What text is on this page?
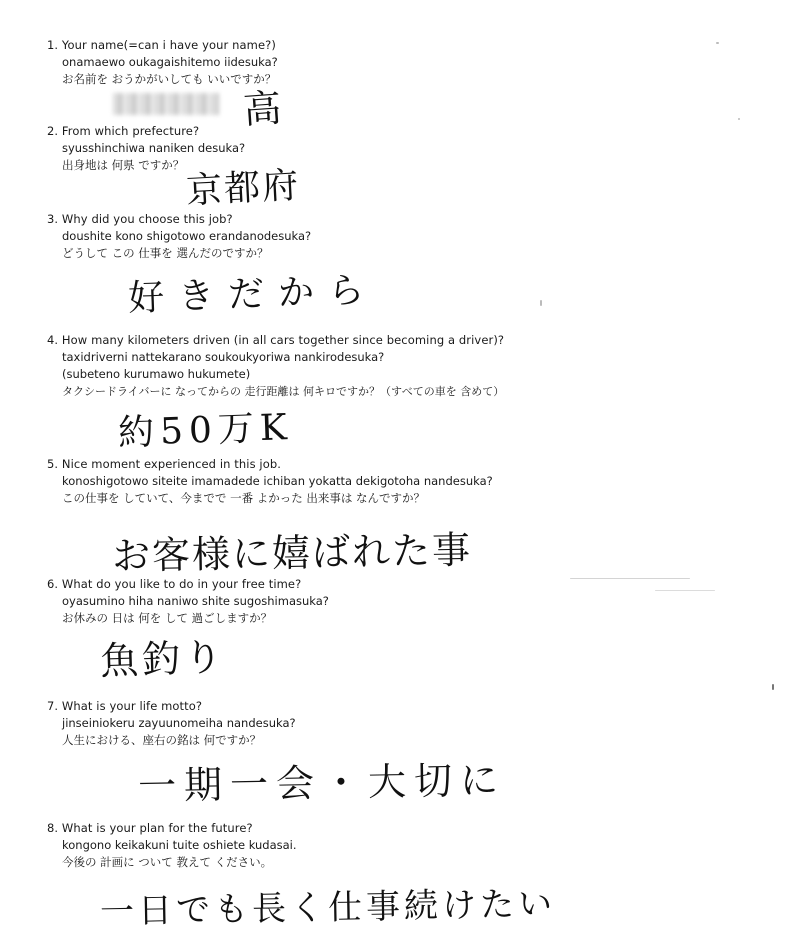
1. Your name(=can i have your name?)
onamaewo oukagaishitemo iidesuka?
お名前を おうかがいしても いいですか？
高
2. From which prefecture?
syusshinchiwa naniken desuka?
出身地は 何県 ですか？
京都府
3. Why did you choose this job?
doushite kono shigotowo erandanodesuka?
どうして この 仕事を 選んだのですか？
好きだから
4. How many kilometers driven (in all cars together since becoming a driver)?
taxidriverni nattekarano soukoukyoriwa nankirodesuka?
(subeteno kurumawo hukumete)
タクシードライバーに なってからの 走行距離は 何キロですか？（すべての車を 含めて）
約50万K
5. Nice moment experienced in this job.
konoshigotowo siteite imamadede ichiban yokatta dekigotoha nandesuka?
この仕事を していて、今までで 一番 よかった 出来事は なんですか？
お客様に嬉ばれた事
6. What do you like to do in your free time?
oyasumino hiha naniwo shite sugoshimasuka?
お休みの 日は 何を して 過ごしますか？
魚釣り
7. What is your life motto?
jinseiniokeru zayuunomeiha nandesuka?
人生における、座右の銘は 何ですか？
一期一会・大切に
8. What is your plan for the future?
kongono keikakuni tuite oshiete kudasai.
今後の 計画に ついて 教えて ください。
一日でも長く仕事続けたい
